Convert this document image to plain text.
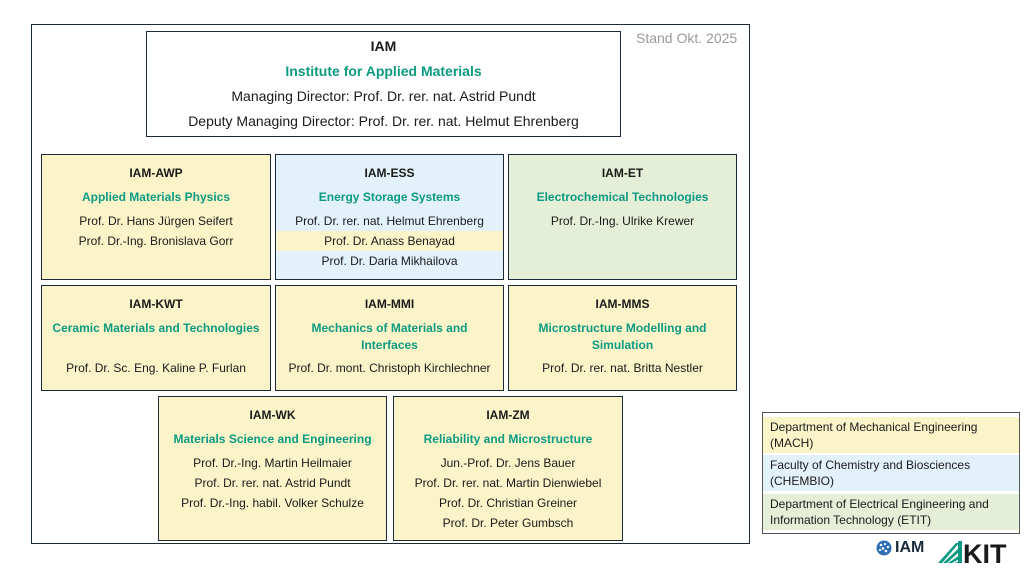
Stand Okt. 2025
IAM
Institute for Applied Materials
Managing Director: Prof. Dr. rer. nat. Astrid Pundt
Deputy Managing Director: Prof. Dr. rer. nat. Helmut Ehrenberg
IAM-AWP
Applied Materials Physics
Prof. Dr. Hans Jürgen Seifert
Prof. Dr.-Ing. Bronislava Gorr
IAM-ESS
Energy Storage Systems
Prof. Dr. rer. nat. Helmut Ehrenberg
Prof. Dr. Anass Benayad
Prof. Dr. Daria Mikhailova
IAM-ET
Electrochemical Technologies
Prof. Dr.-Ing. Ulrike Krewer
IAM-KWT
Ceramic Materials and Technologies
Prof. Dr. Sc. Eng. Kaline P. Furlan
IAM-MMI
Mechanics of Materials and Interfaces
Prof. Dr. mont. Christoph Kirchlechner
IAM-MMS
Microstructure Modelling and Simulation
Prof. Dr. rer. nat. Britta Nestler
IAM-WK
Materials Science and Engineering
Prof. Dr.-Ing. Martin Heilmaier
Prof. Dr. rer. nat. Astrid Pundt
Prof. Dr.-Ing. habil. Volker Schulze
IAM-ZM
Reliability and Microstructure
Jun.-Prof. Dr. Jens Bauer
Prof. Dr. rer. nat. Martin Dienwiebel
Prof. Dr. Christian Greiner
Prof. Dr. Peter Gumbsch
Department of Mechanical Engineering (MACH)
Faculty of Chemistry and Biosciences (CHEMBIO)
Department of Electrical Engineering and Information Technology (ETIT)
IAM KIT
